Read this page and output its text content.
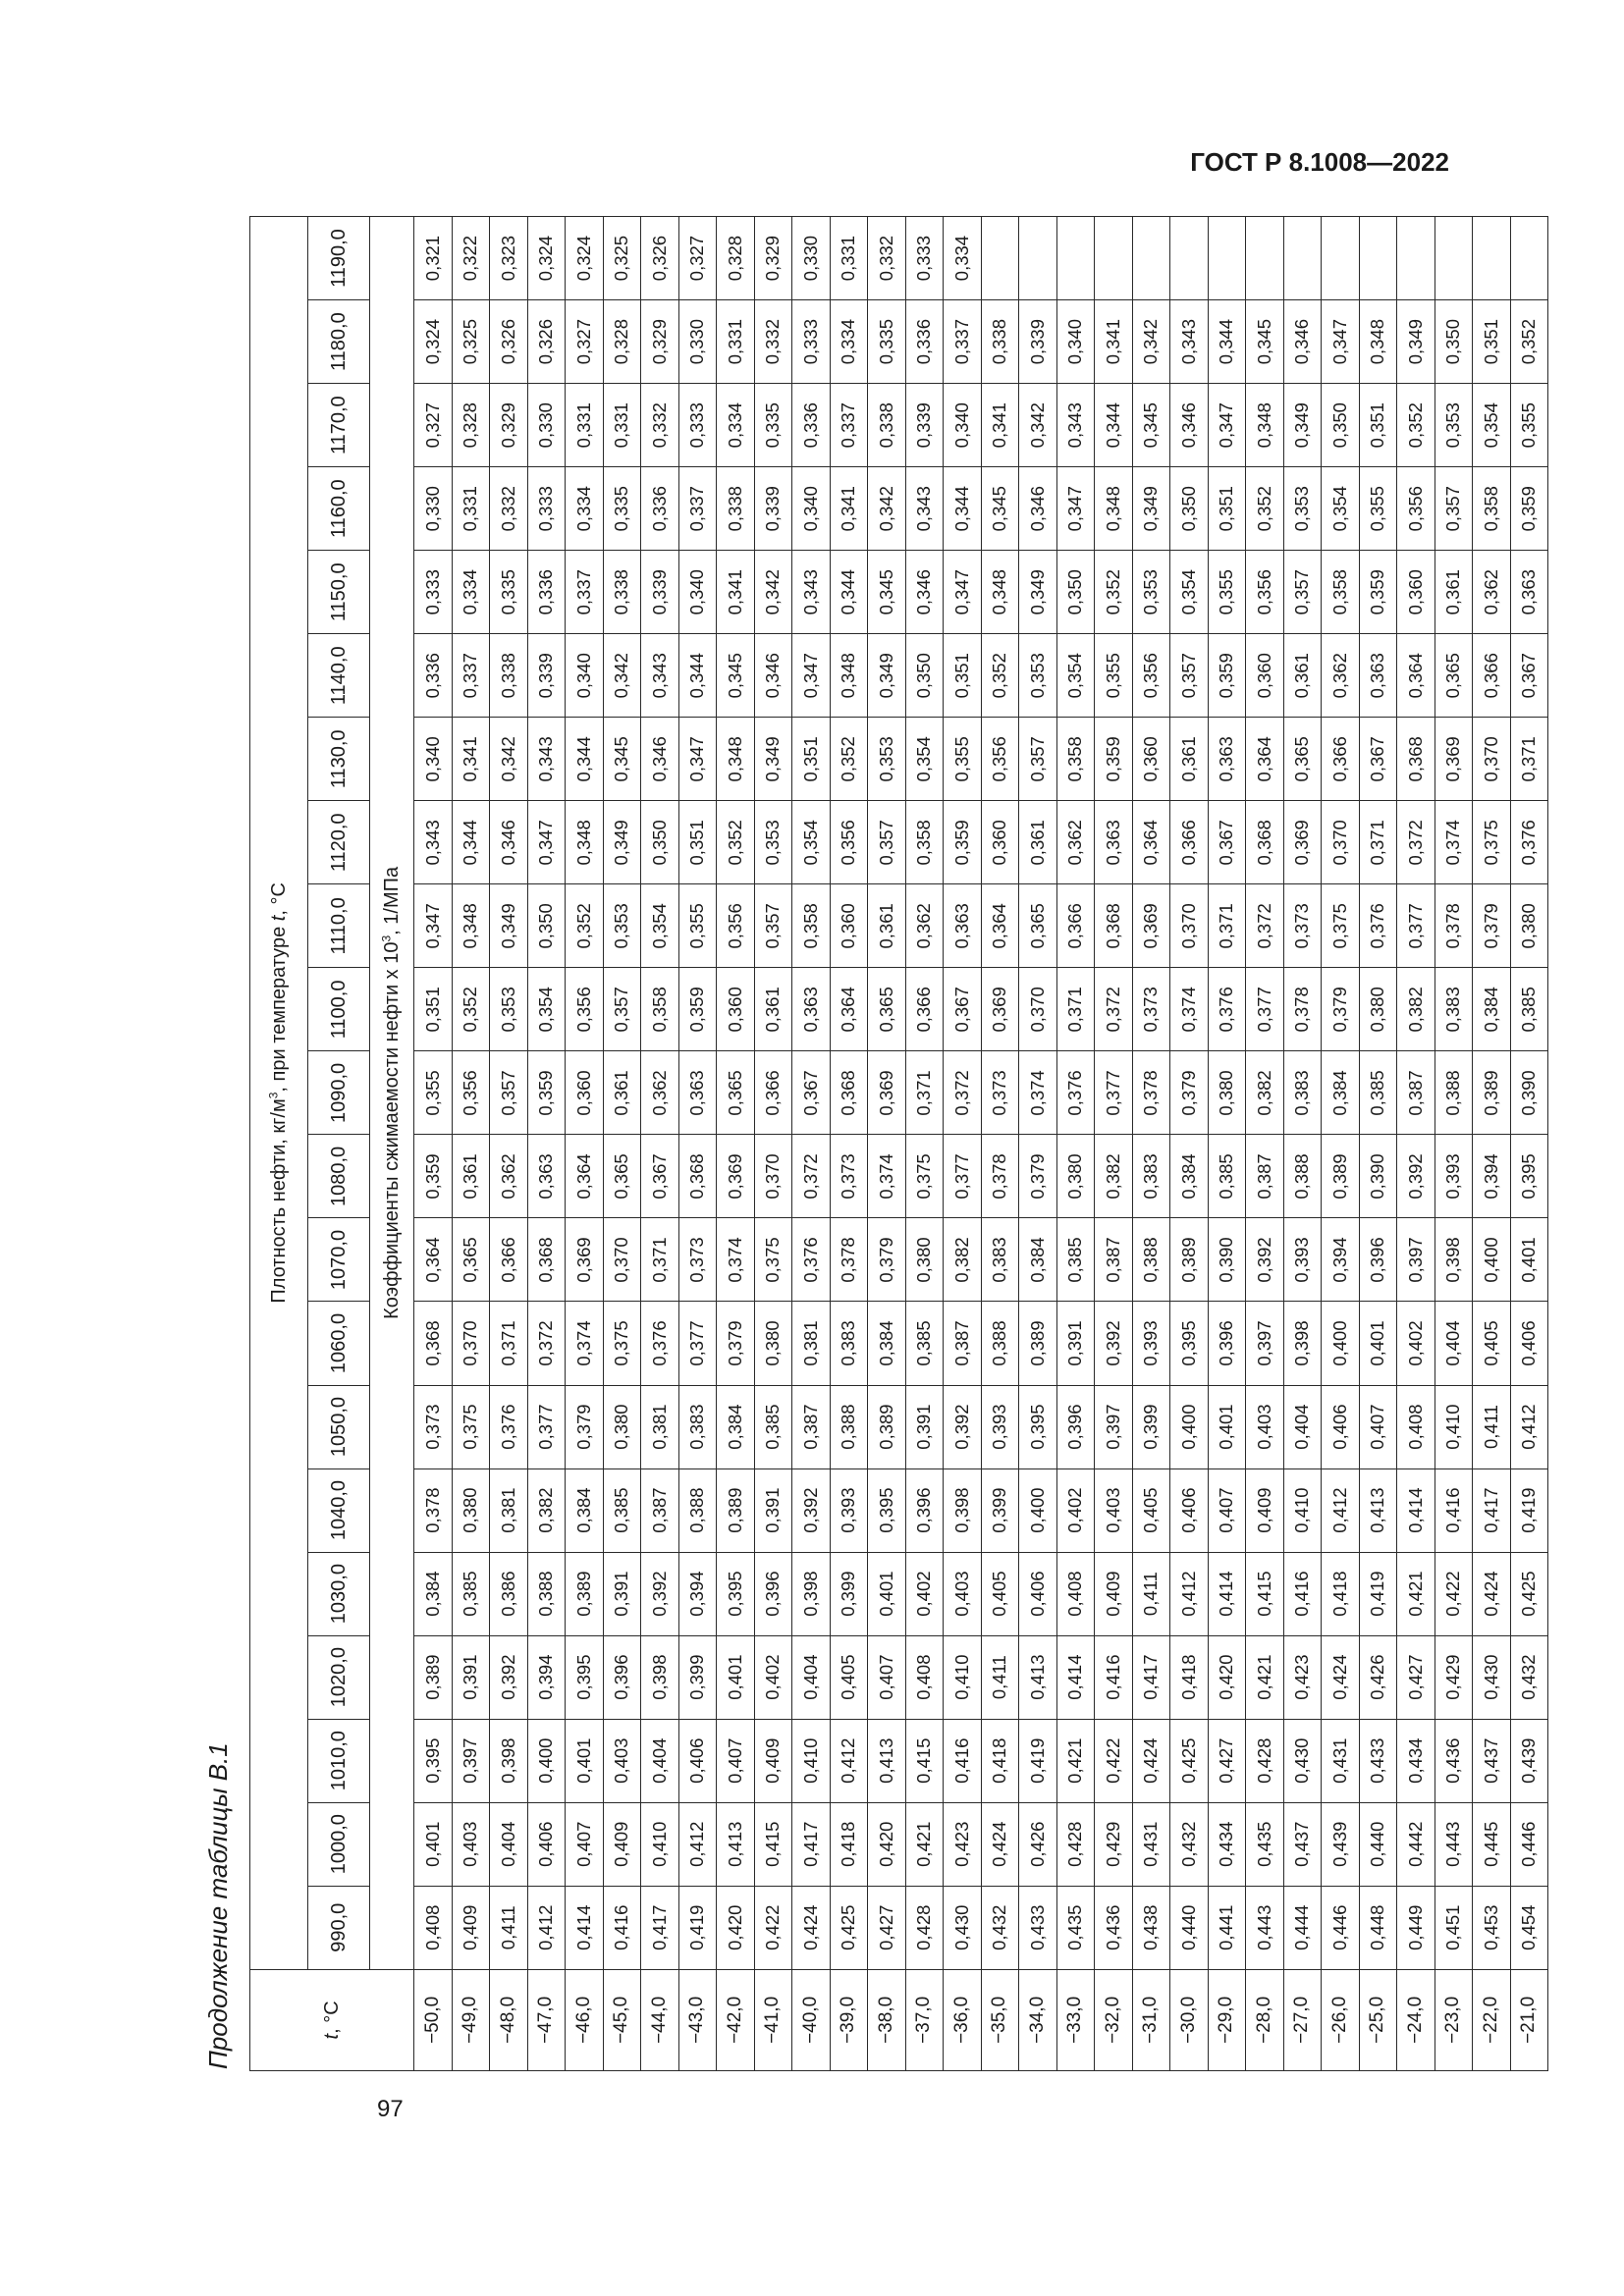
ГОСТ Р 8.1008—2022
97
Продолжение таблицы В.1	t, °C	Плотность нефти, $кг/м^3$, при температуре t, °C																				
	990,0	1000,0	1010,0	1020,0	1030,0	1040,0	1050,0	1060,0	1070,0	1080,0	1090,0	1100,0	1110,0	1120,0	1130,0	1140,0	1150,0	1160,0	1170,0	1180,0	1190,0
	Коэффициенты сжимаемости нефти x $10^3$, 1/МПа																				
−50,0	0,408	0,401	0,395	0,389	0,384	0,378	0,373	0,368	0,364	0,359	0,355	0,351	0,347	0,343	0,340	0,336	0,333	0,330	0,327	0,324	0,321
−49,0	0,409	0,403	0,397	0,391	0,385	0,380	0,375	0,370	0,365	0,361	0,356	0,352	0,348	0,344	0,341	0,337	0,334	0,331	0,328	0,325	0,322
−48,0	0,411	0,404	0,398	0,392	0,386	0,381	0,376	0,371	0,366	0,362	0,357	0,353	0,349	0,346	0,342	0,338	0,335	0,332	0,329	0,326	0,323
−47,0	0,412	0,406	0,400	0,394	0,388	0,382	0,377	0,372	0,368	0,363	0,359	0,354	0,350	0,347	0,343	0,339	0,336	0,333	0,330	0,326	0,324
−46,0	0,414	0,407	0,401	0,395	0,389	0,384	0,379	0,374	0,369	0,364	0,360	0,356	0,352	0,348	0,344	0,340	0,337	0,334	0,331	0,327	0,324
−45,0	0,416	0,409	0,403	0,396	0,391	0,385	0,380	0,375	0,370	0,365	0,361	0,357	0,353	0,349	0,345	0,342	0,338	0,335	0,331	0,328	0,325
−44,0	0,417	0,410	0,404	0,398	0,392	0,387	0,381	0,376	0,371	0,367	0,362	0,358	0,354	0,350	0,346	0,343	0,339	0,336	0,332	0,329	0,326
−43,0	0,419	0,412	0,406	0,399	0,394	0,388	0,383	0,377	0,373	0,368	0,363	0,359	0,355	0,351	0,347	0,344	0,340	0,337	0,333	0,330	0,327
−42,0	0,420	0,413	0,407	0,401	0,395	0,389	0,384	0,379	0,374	0,369	0,365	0,360	0,356	0,352	0,348	0,345	0,341	0,338	0,334	0,331	0,328
−41,0	0,422	0,415	0,409	0,402	0,396	0,391	0,385	0,380	0,375	0,370	0,366	0,361	0,357	0,353	0,349	0,346	0,342	0,339	0,335	0,332	0,329
−40,0	0,424	0,417	0,410	0,404	0,398	0,392	0,387	0,381	0,376	0,372	0,367	0,363	0,358	0,354	0,351	0,347	0,343	0,340	0,336	0,333	0,330
−39,0	0,425	0,418	0,412	0,405	0,399	0,393	0,388	0,383	0,378	0,373	0,368	0,364	0,360	0,356	0,352	0,348	0,344	0,341	0,337	0,334	0,331
−38,0	0,427	0,420	0,413	0,407	0,401	0,395	0,389	0,384	0,379	0,374	0,369	0,365	0,361	0,357	0,353	0,349	0,345	0,342	0,338	0,335	0,332
−37,0	0,428	0,421	0,415	0,408	0,402	0,396	0,391	0,385	0,380	0,375	0,371	0,366	0,362	0,358	0,354	0,350	0,346	0,343	0,339	0,336	0,333
−36,0	0,430	0,423	0,416	0,410	0,403	0,398	0,392	0,387	0,382	0,377	0,372	0,367	0,363	0,359	0,355	0,351	0,347	0,344	0,340	0,337	0,334
−35,0	0,432	0,424	0,418	0,411	0,405	0,399	0,393	0,388	0,383	0,378	0,373	0,369	0,364	0,360	0,356	0,352	0,348	0,345	0,341	0,338	
−34,0	0,433	0,426	0,419	0,413	0,406	0,400	0,395	0,389	0,384	0,379	0,374	0,370	0,365	0,361	0,357	0,353	0,349	0,346	0,342	0,339	
−33,0	0,435	0,428	0,421	0,414	0,408	0,402	0,396	0,391	0,385	0,380	0,376	0,371	0,366	0,362	0,358	0,354	0,350	0,347	0,343	0,340	
−32,0	0,436	0,429	0,422	0,416	0,409	0,403	0,397	0,392	0,387	0,382	0,377	0,372	0,368	0,363	0,359	0,355	0,352	0,348	0,344	0,341	
−31,0	0,438	0,431	0,424	0,417	0,411	0,405	0,399	0,393	0,388	0,383	0,378	0,373	0,369	0,364	0,360	0,356	0,353	0,349	0,345	0,342	
−30,0	0,440	0,432	0,425	0,418	0,412	0,406	0,400	0,395	0,389	0,384	0,379	0,374	0,370	0,366	0,361	0,357	0,354	0,350	0,346	0,343	
−29,0	0,441	0,434	0,427	0,420	0,414	0,407	0,401	0,396	0,390	0,385	0,380	0,376	0,371	0,367	0,363	0,359	0,355	0,351	0,347	0,344	
−28,0	0,443	0,435	0,428	0,421	0,415	0,409	0,403	0,397	0,392	0,387	0,382	0,377	0,372	0,368	0,364	0,360	0,356	0,352	0,348	0,345	
−27,0	0,444	0,437	0,430	0,423	0,416	0,410	0,404	0,398	0,393	0,388	0,383	0,378	0,373	0,369	0,365	0,361	0,357	0,353	0,349	0,346	
−26,0	0,446	0,439	0,431	0,424	0,418	0,412	0,406	0,400	0,394	0,389	0,384	0,379	0,375	0,370	0,366	0,362	0,358	0,354	0,350	0,347	
−25,0	0,448	0,440	0,433	0,426	0,419	0,413	0,407	0,401	0,396	0,390	0,385	0,380	0,376	0,371	0,367	0,363	0,359	0,355	0,351	0,348	
−24,0	0,449	0,442	0,434	0,427	0,421	0,414	0,408	0,402	0,397	0,392	0,387	0,382	0,377	0,372	0,368	0,364	0,360	0,356	0,352	0,349	
−23,0	0,451	0,443	0,436	0,429	0,422	0,416	0,410	0,404	0,398	0,393	0,388	0,383	0,378	0,374	0,369	0,365	0,361	0,357	0,353	0,350	
−22,0	0,453	0,445	0,437	0,430	0,424	0,417	0,411	0,405	0,400	0,394	0,389	0,384	0,379	0,375	0,370	0,366	0,362	0,358	0,354	0,351	
−21,0	0,454	0,446	0,439	0,432	0,425	0,419	0,412	0,406	0,401	0,395	0,390	0,385	0,380	0,376	0,371	0,367	0,363	0,359	0,355	0,352	
